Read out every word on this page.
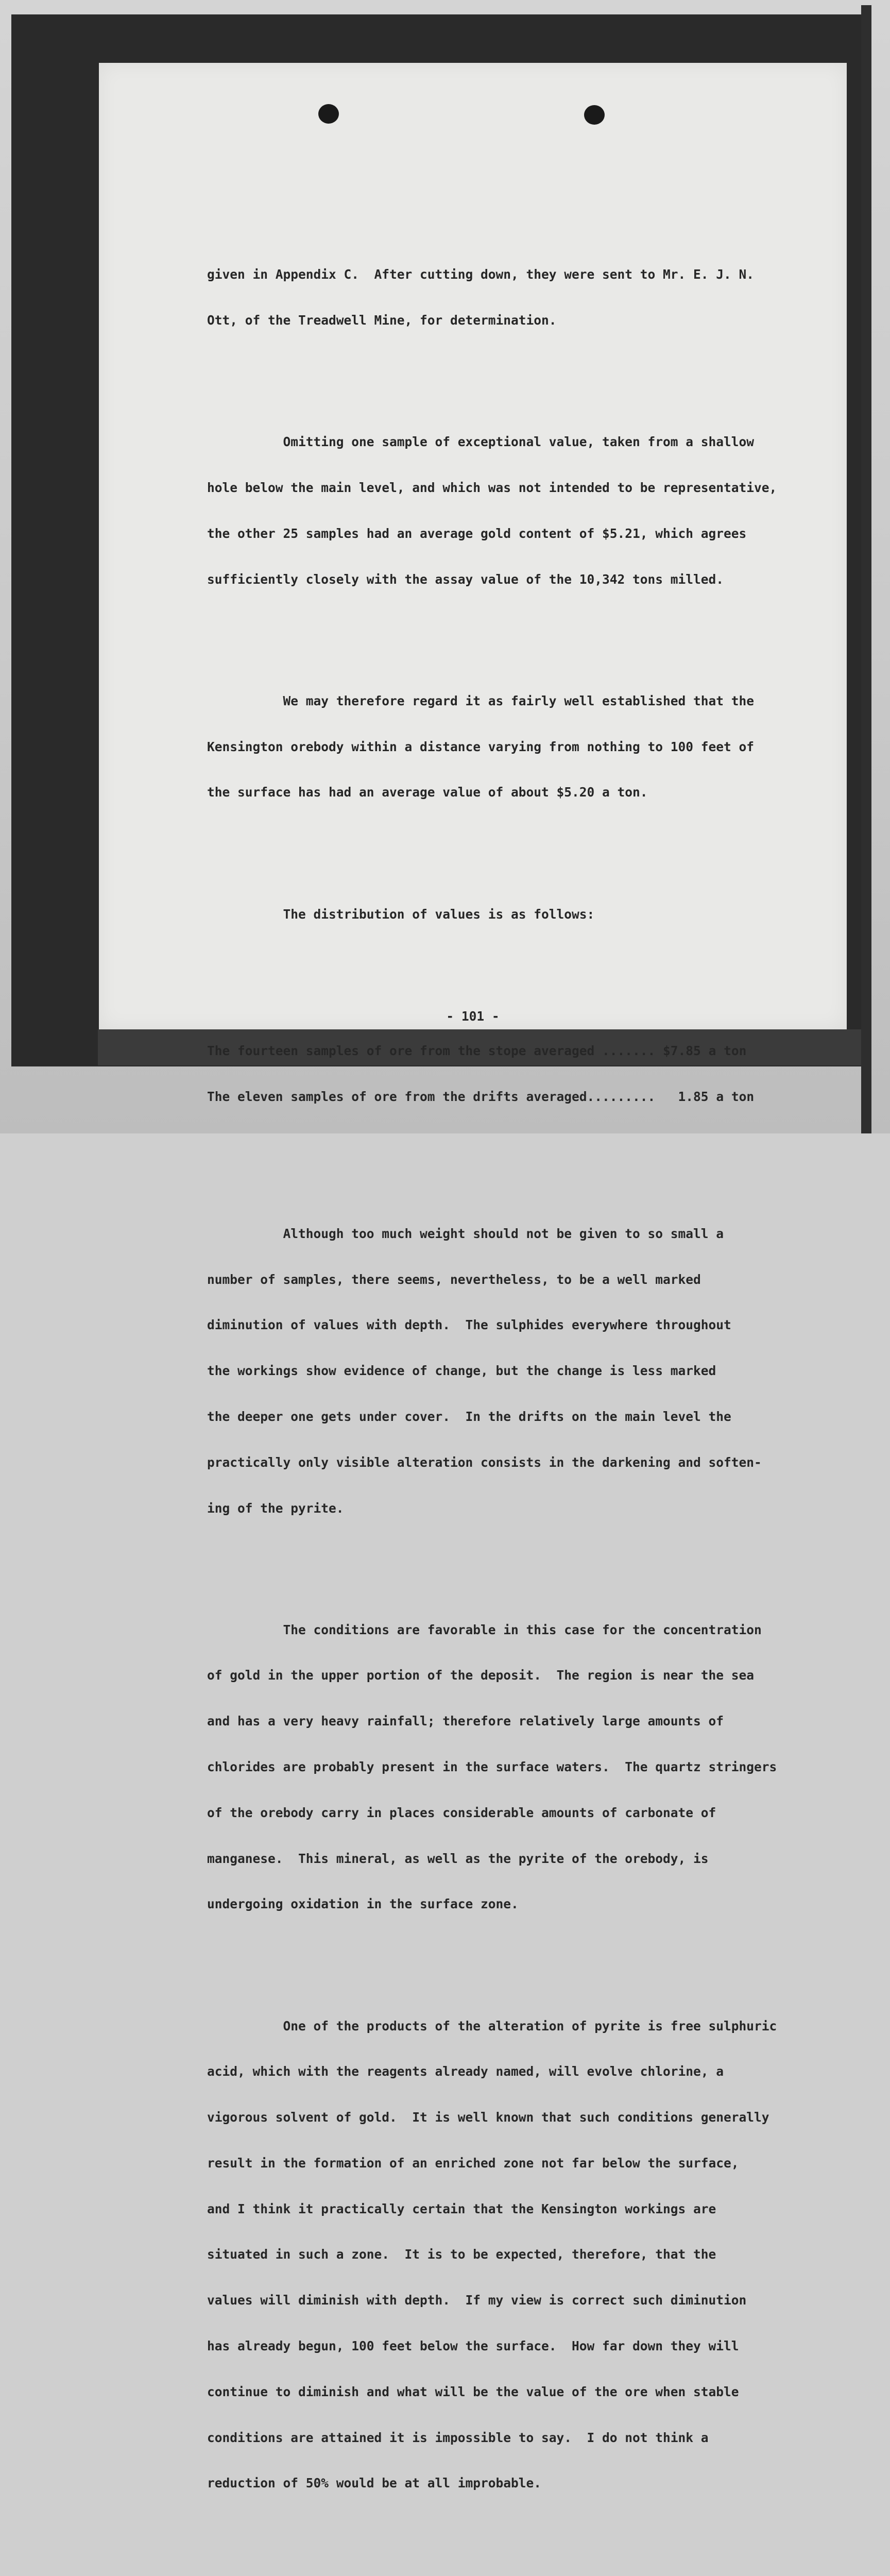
given in Appendix C.  After cutting down, they were sent to Mr. E. J. N.

Ott, of the Treadwell Mine, for determination.

Omitting one sample of exceptional value, taken from a shallow

hole below the main level, and which was not intended to be representative,

the other 25 samples had an average gold content of $5.21, which agrees

sufficiently closely with the assay value of the 10,342 tons milled.

We may therefore regard it as fairly well established that the

Kensington orebody within a distance varying from nothing to 100 feet of

the surface has had an average value of about $5.20 a ton.

The distribution of values is as follows:

The fourteen samples of ore from the stope averaged ....... $7.85 a ton

The eleven samples of ore from the drifts averaged.........   1.85 a ton

Although too much weight should not be given to so small a

number of samples, there seems, nevertheless, to be a well marked

diminution of values with depth.  The sulphides everywhere throughout

the workings show evidence of change, but the change is less marked

the deeper one gets under cover.  In the drifts on the main level the

practically only visible alteration consists in the darkening and soften-

ing of the pyrite.

The conditions are favorable in this case for the concentration

of gold in the upper portion of the deposit.  The region is near the sea

and has a very heavy rainfall; therefore relatively large amounts of

chlorides are probably present in the surface waters.  The quartz stringers

of the orebody carry in places considerable amounts of carbonate of

manganese.  This mineral, as well as the pyrite of the orebody, is

undergoing oxidation in the surface zone.

One of the products of the alteration of pyrite is free sulphuric

acid, which with the reagents already named, will evolve chlorine, a

vigorous solvent of gold.  It is well known that such conditions generally

result in the formation of an enriched zone not far below the surface,

and I think it practically certain that the Kensington workings are

situated in such a zone.  It is to be expected, therefore, that the

values will diminish with depth.  If my view is correct such diminution

has already begun, 100 feet below the surface.  How far down they will

continue to diminish and what will be the value of the ore when stable

conditions are attained it is impossible to say.  I do not think a

reduction of 50% would be at all improbable.

- 101 -
